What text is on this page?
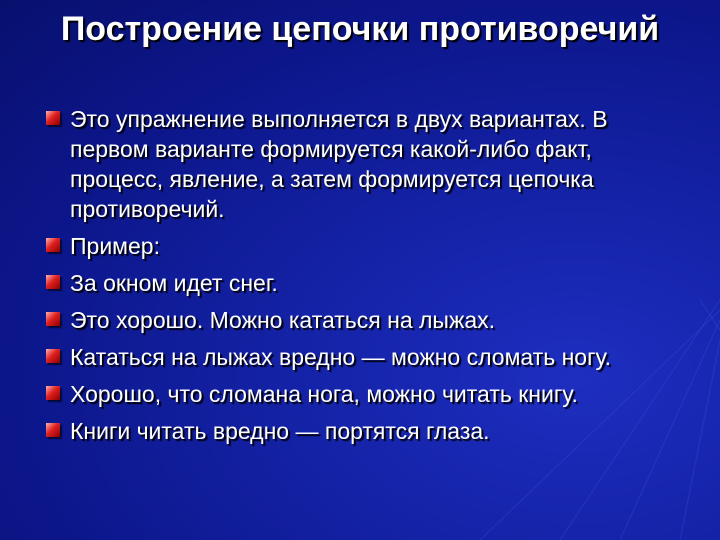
Построение цепочки противоречий
Это упражнение выполняется в двух вариантах. В первом варианте формируется какой-либо факт, процесс, явление, а затем формируется цепочка противоречий.
Пример:
За окном идет снег.
Это хорошо. Можно кататься на лыжах.
Кататься на лыжах вредно — можно сломать ногу.
Хорошо, что сломана нога, можно читать книгу.
Книги читать вредно — портятся глаза.
